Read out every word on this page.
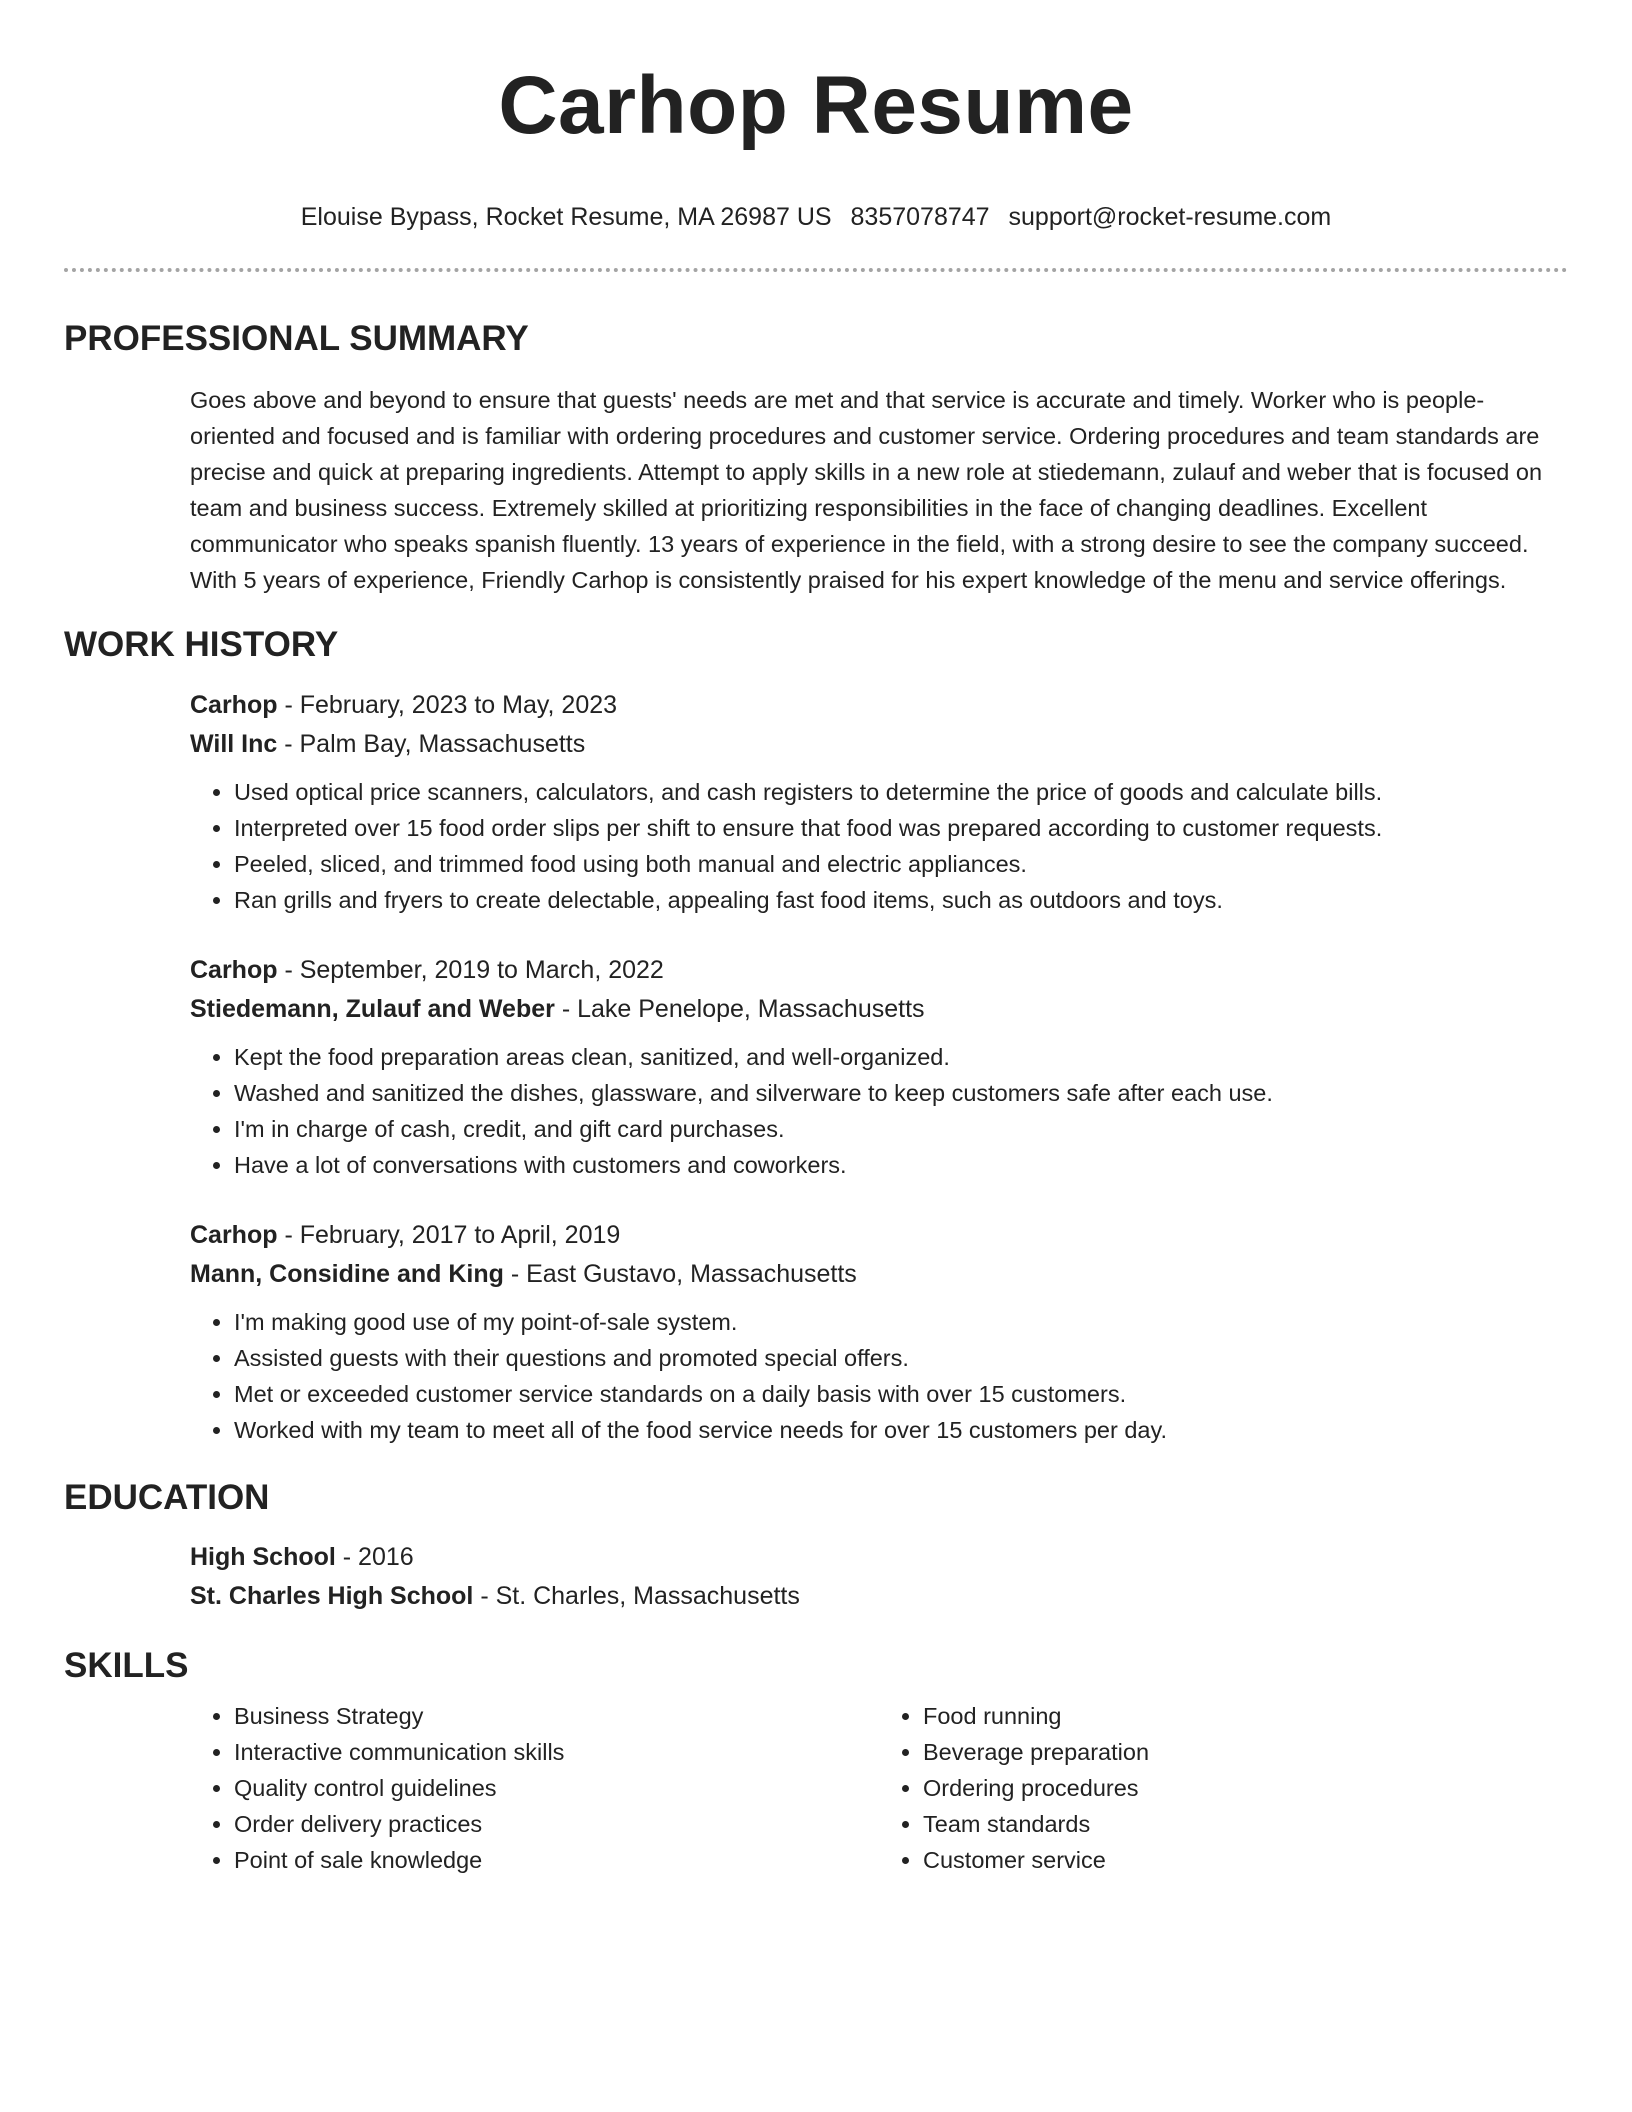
Carhop Resume
Elouise Bypass, Rocket Resume, MA 26987 US 8357078747 support@rocket-resume.com
PROFESSIONAL SUMMARY

Goes above and beyond to ensure that guests' needs are met and that service is accurate and timely. Worker who is people-oriented and focused and is familiar with ordering procedures and customer service. Ordering procedures and team standards are precise and quick at preparing ingredients. Attempt to apply skills in a new role at stiedemann, zulauf and weber that is focused on team and business success. Extremely skilled at prioritizing responsibilities in the face of changing deadlines. Excellent communicator who speaks spanish fluently. 13 years of experience in the field, with a strong desire to see the company succeed. With 5 years of experience, Friendly Carhop is consistently praised for his expert knowledge of the menu and service offerings.

WORK HISTORY
Carhop - February, 2023 to May, 2023
Will Inc - Palm Bay, Massachusetts
• Used optical price scanners, calculators, and cash registers to determine the price of goods and calculate bills.
• Interpreted over 15 food order slips per shift to ensure that food was prepared according to customer requests.
• Peeled, sliced, and trimmed food using both manual and electric appliances.
• Ran grills and fryers to create delectable, appealing fast food items, such as outdoors and toys.
Carhop - September, 2019 to March, 2022
Stiedemann, Zulauf and Weber - Lake Penelope, Massachusetts
• Kept the food preparation areas clean, sanitized, and well-organized.
• Washed and sanitized the dishes, glassware, and silverware to keep customers safe after each use.
• I'm in charge of cash, credit, and gift card purchases.
• Have a lot of conversations with customers and coworkers.
Carhop - February, 2017 to April, 2019
Mann, Considine and King - East Gustavo, Massachusetts
• I'm making good use of my point-of-sale system.
• Assisted guests with their questions and promoted special offers.
• Met or exceeded customer service standards on a daily basis with over 15 customers.
• Worked with my team to meet all of the food service needs for over 15 customers per day.
EDUCATION
High School - 2016
St. Charles High School - St. Charles, Massachusetts
SKILLS
• Business Strategy
• Interactive communication skills
• Quality control guidelines
• Order delivery practices
• Point of sale knowledge
• Food running
• Beverage preparation
• Ordering procedures
• Team standards
• Customer service
